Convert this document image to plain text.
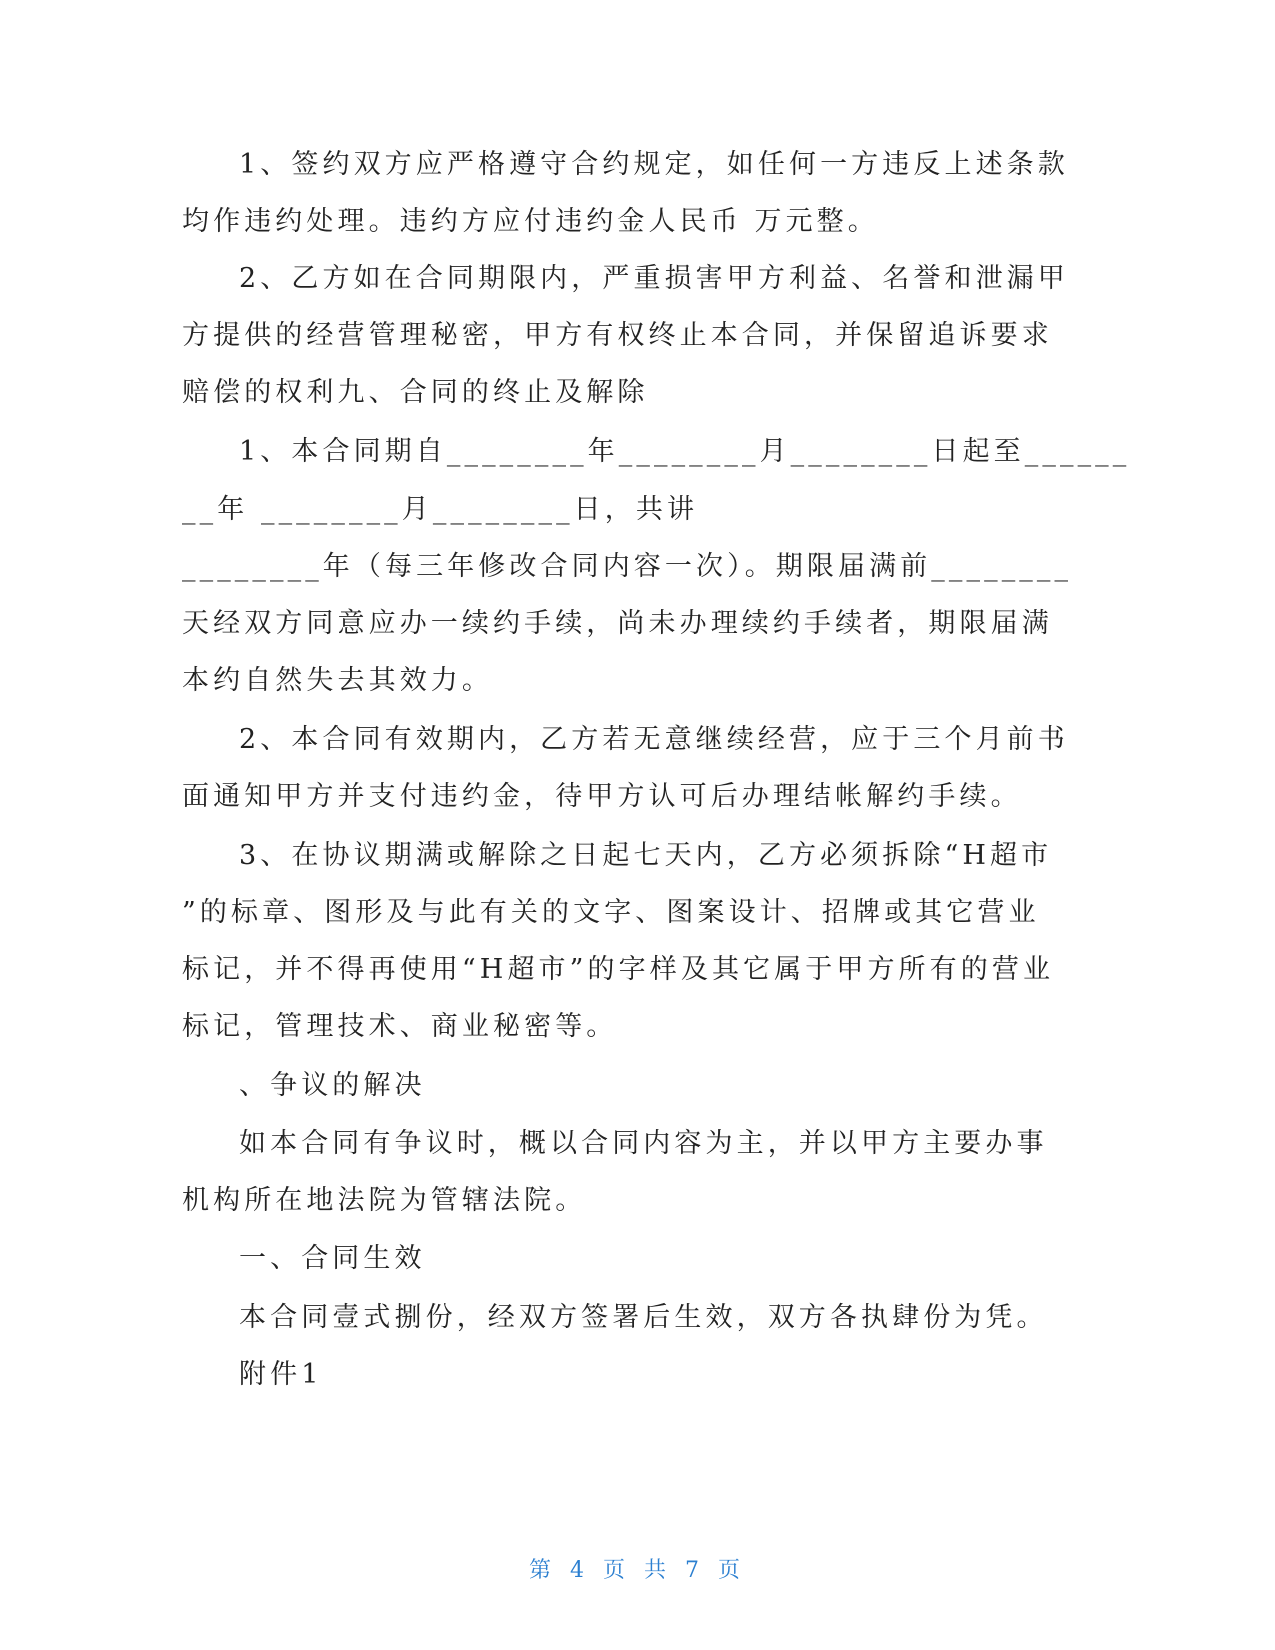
1、签约双方应严格遵守合约规定，如任何一方违反上述条款
均作违约处理。违约方应付违约金人民币 万元整。
2、乙方如在合同期限内，严重损害甲方利益、名誉和泄漏甲
方提供的经营管理秘密，甲方有权终止本合同，并保留追诉要求
赔偿的权利九、合同的终止及解除
1、本合同期自________年________月________日起至______
__年 ________月________日，共讲
________年（每三年修改合同内容一次）。期限届满前________
天经双方同意应办一续约手续，尚未办理续约手续者，期限届满
本约自然失去其效力。
2、本合同有效期内，乙方若无意继续经营，应于三个月前书
面通知甲方并支付违约金，待甲方认可后办理结帐解约手续。
3、在协议期满或解除之日起七天内，乙方必须拆除“H超市
”的标章、图形及与此有关的文字、图案设计、招牌或其它营业
标记，并不得再使用“H超市”的字样及其它属于甲方所有的营业
标记，管理技术、商业秘密等。
、争议的解决
如本合同有争议时，概以合同内容为主，并以甲方主要办事
机构所在地法院为管辖法院。
一、合同生效
本合同壹式捌份，经双方签署后生效，双方各执肆份为凭。
附件1
第 4 页 共 7 页
